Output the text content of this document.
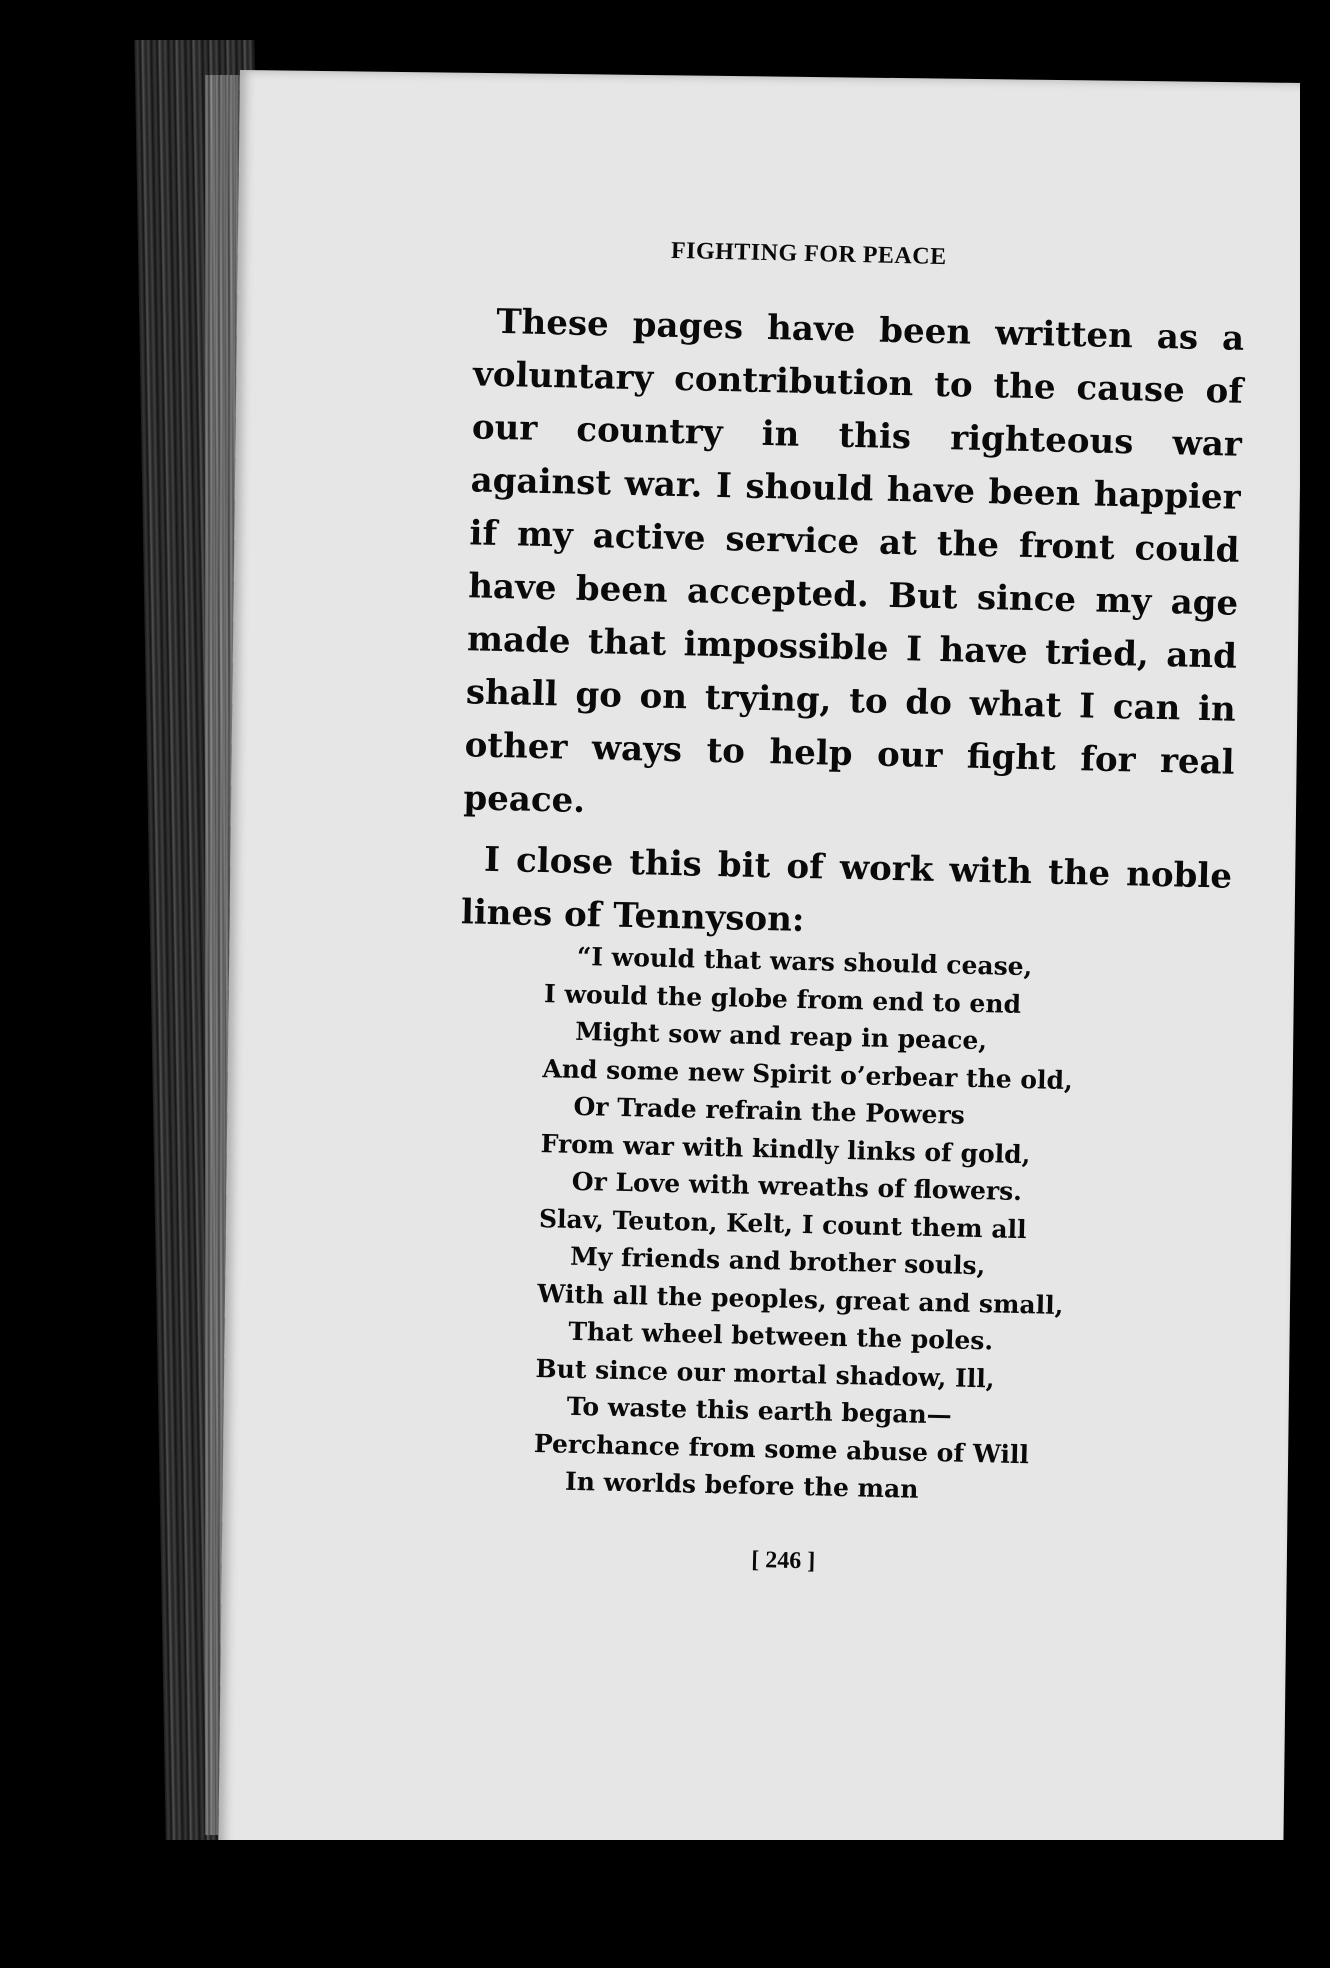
FIGHTING FOR PEACE

These pages have been written as a voluntary contribution to the cause of our country in this righteous war against war. I should have been happier if my active service at the front could have been accepted. But since my age made that impossible I have tried, and shall go on trying, to do what I can in other ways to help our fight for real peace.

I close this bit of work with the noble lines of Tennyson:

“I would that wars should cease,
I would the globe from end to end
Might sow and reap in peace,
And some new Spirit o’erbear the old,
Or Trade refrain the Powers
From war with kindly links of gold,
Or Love with wreaths of flowers.
Slav, Teuton, Kelt, I count them all
My friends and brother souls,
With all the peoples, great and small,
That wheel between the poles.
But since our mortal shadow, Ill,
To waste this earth began—
Perchance from some abuse of Will
In worlds before the man
[ 246 ]
